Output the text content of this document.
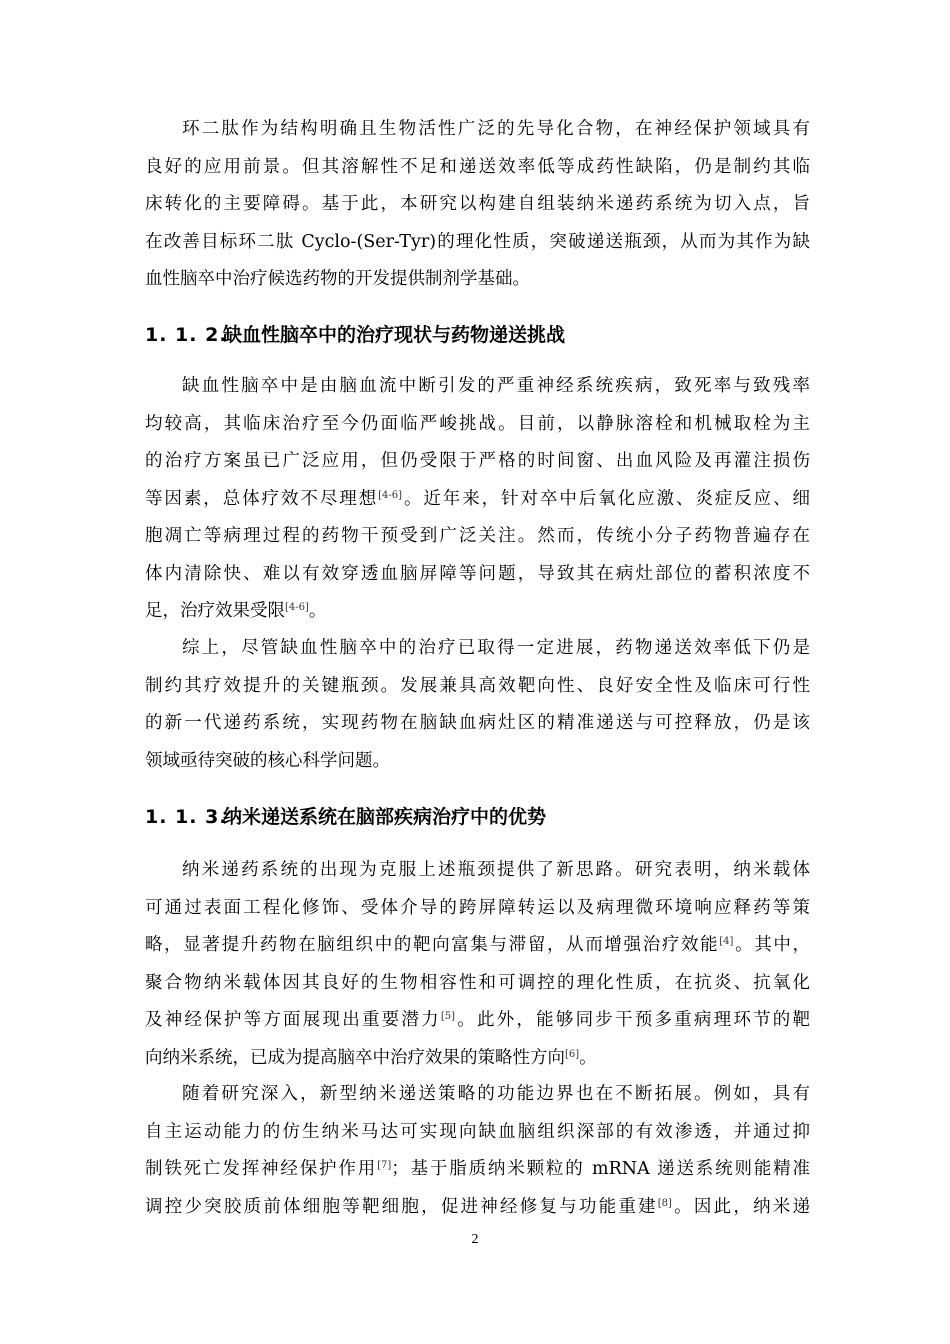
环二肽作为结构明确且生物活性广泛的先导化合物，在神经保护领域具有
良好的应用前景。但其溶解性不足和递送效率低等成药性缺陷，仍是制约其临
床转化的主要障碍。基于此，本研究以构建自组装纳米递药系统为切入点，旨
在改善目标环二肽 Cyclo-(Ser-Tyr)的理化性质，突破递送瓶颈，从而为其作为缺
血性脑卒中治疗候选药物的开发提供制剂学基础。
1. 1. 2.缺血性脑卒中的治疗现状与药物递送挑战
缺血性脑卒中是由脑血流中断引发的严重神经系统疾病，致死率与致残率
均较高，其临床治疗至今仍面临严峻挑战。目前，以静脉溶栓和机械取栓为主
的治疗方案虽已广泛应用，但仍受限于严格的时间窗、出血风险及再灌注损伤
等因素，总体疗效不尽理想[4-6]。近年来，针对卒中后氧化应激、炎症反应、细
胞凋亡等病理过程的药物干预受到广泛关注。然而，传统小分子药物普遍存在
体内清除快、难以有效穿透血脑屏障等问题，导致其在病灶部位的蓄积浓度不
足，治疗效果受限[4-6]。
综上，尽管缺血性脑卒中的治疗已取得一定进展，药物递送效率低下仍是
制约其疗效提升的关键瓶颈。发展兼具高效靶向性、良好安全性及临床可行性
的新一代递药系统，实现药物在脑缺血病灶区的精准递送与可控释放，仍是该
领域亟待突破的核心科学问题。
1. 1. 3.纳米递送系统在脑部疾病治疗中的优势
纳米递药系统的出现为克服上述瓶颈提供了新思路。研究表明，纳米载体
可通过表面工程化修饰、受体介导的跨屏障转运以及病理微环境响应释药等策
略，显著提升药物在脑组织中的靶向富集与滞留，从而增强治疗效能[4]。其中，
聚合物纳米载体因其良好的生物相容性和可调控的理化性质，在抗炎、抗氧化
及神经保护等方面展现出重要潜力[5]。此外，能够同步干预多重病理环节的靶
向纳米系统，已成为提高脑卒中治疗效果的策略性方向[6]。
随着研究深入，新型纳米递送策略的功能边界也在不断拓展。例如，具有
自主运动能力的仿生纳米马达可实现向缺血脑组织深部的有效渗透，并通过抑
制铁死亡发挥神经保护作用[7]；基于脂质纳米颗粒的 mRNA 递送系统则能精准
调控少突胶质前体细胞等靶细胞，促进神经修复与功能重建[8]。因此，纳米递
2
